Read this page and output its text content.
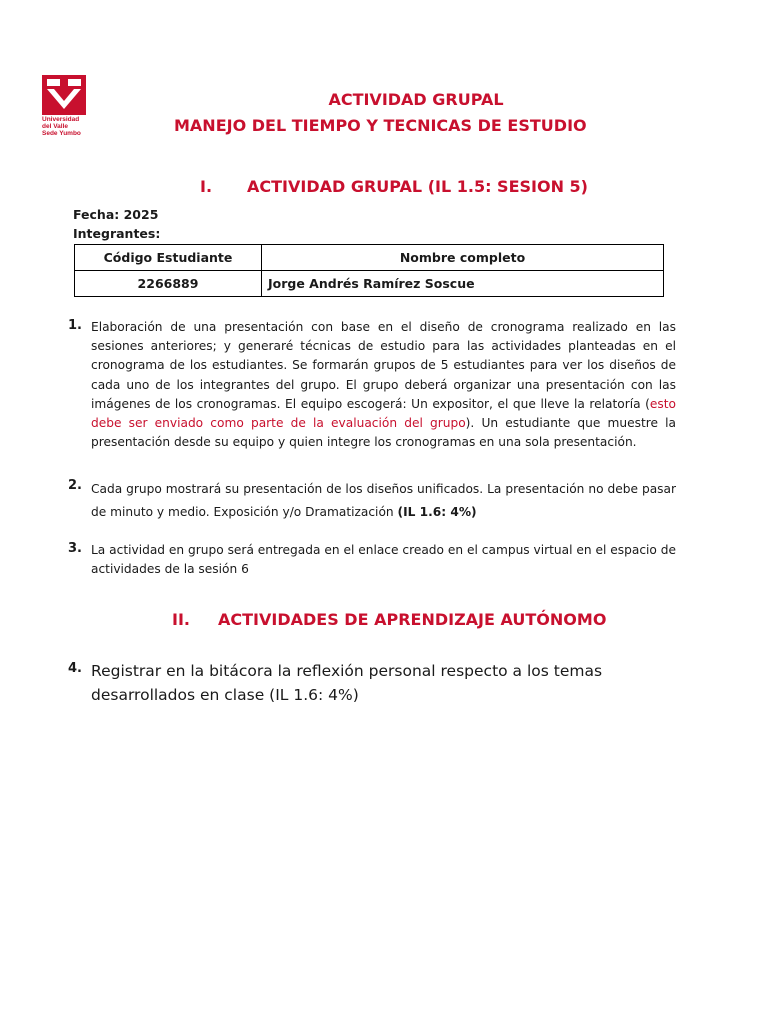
Universidad
del Valle
Sede Yumbo
ACTIVIDAD GRUPAL
MANEJO DEL TIEMPO Y TECNICAS DE ESTUDIO
I.	ACTIVIDAD GRUPAL (IL 1.5: SESION 5)
Fecha: 2025
Integrantes:
Código Estudiante	Nombre completo
2266889	Jorge Andrés Ramírez Soscue
1. Elaboración de una presentación con base en el diseño de cronograma realizado en las sesiones anteriores; y generaré técnicas de estudio para las actividades planteadas en el cronograma de los estudiantes. Se formarán grupos de 5 estudiantes para ver los diseños de cada uno de los integrantes del grupo. El grupo deberá organizar una presentación con las imágenes de los cronogramas. El equipo escogerá: Un expositor, el que lleve la relatoría (esto debe ser enviado como parte de la evaluación del grupo). Un estudiante que muestre la presentación desde su equipo y quien integre los cronogramas en una sola presentación.
2. Cada grupo mostrará su presentación de los diseños unificados. La presentación no debe pasar de minuto y medio. Exposición y/o Dramatización (IL 1.6: 4%)
3. La actividad en grupo será entregada en el enlace creado en el campus virtual en el espacio de actividades de la sesión 6
II.	ACTIVIDADES DE APRENDIZAJE AUTÓNOMO
4. Registrar en la bitácora la reflexión personal respecto a los temas desarrollados en clase (IL 1.6: 4%)
